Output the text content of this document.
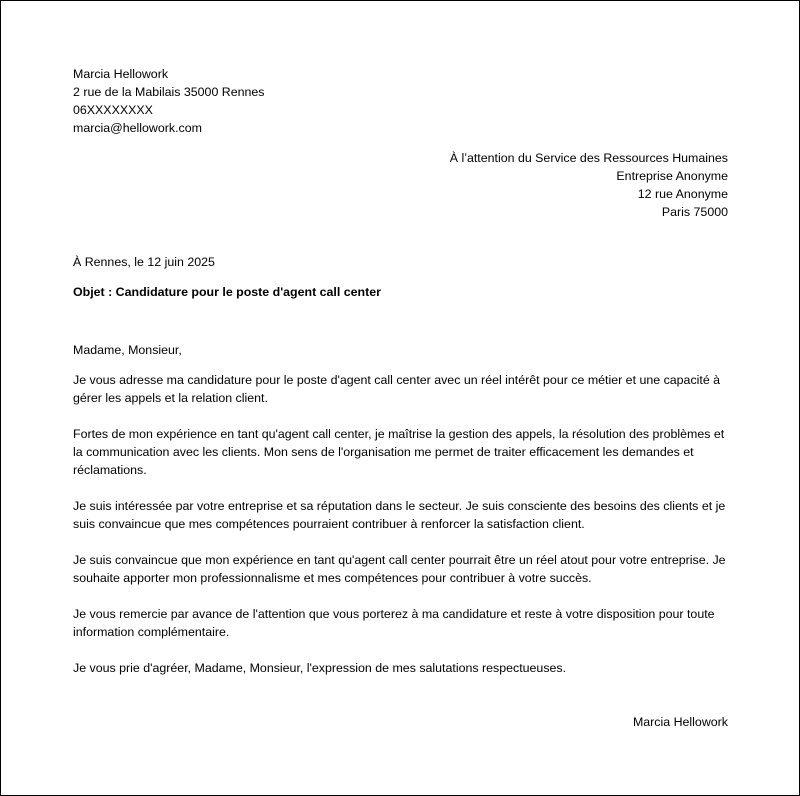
Marcia Hellowork
2 rue de la Mabilais 35000 Rennes
06XXXXXXXX
marcia@hellowork.com
À l’attention du Service des Ressources Humaines
Entreprise Anonyme
12 rue Anonyme
Paris 75000
À Rennes, le 12 juin 2025
Objet : Candidature pour le poste d'agent call center
Madame, Monsieur,
Je vous adresse ma candidature pour le poste d'agent call center avec un réel intérêt pour ce métier et une capacité à gérer les appels et la relation client.
Fortes de mon expérience en tant qu'agent call center, je maîtrise la gestion des appels, la résolution des problèmes et la communication avec les clients. Mon sens de l'organisation me permet de traiter efficacement les demandes et réclamations.
Je suis intéressée par votre entreprise et sa réputation dans le secteur. Je suis consciente des besoins des clients et je suis convaincue que mes compétences pourraient contribuer à renforcer la satisfaction client.
Je suis convaincue que mon expérience en tant qu'agent call center pourrait être un réel atout pour votre entreprise. Je souhaite apporter mon professionnalisme et mes compétences pour contribuer à votre succès.
Je vous remercie par avance de l'attention que vous porterez à ma candidature et reste à votre disposition pour toute information complémentaire.
Je vous prie d'agréer, Madame, Monsieur, l'expression de mes salutations respectueuses.
Marcia Hellowork
